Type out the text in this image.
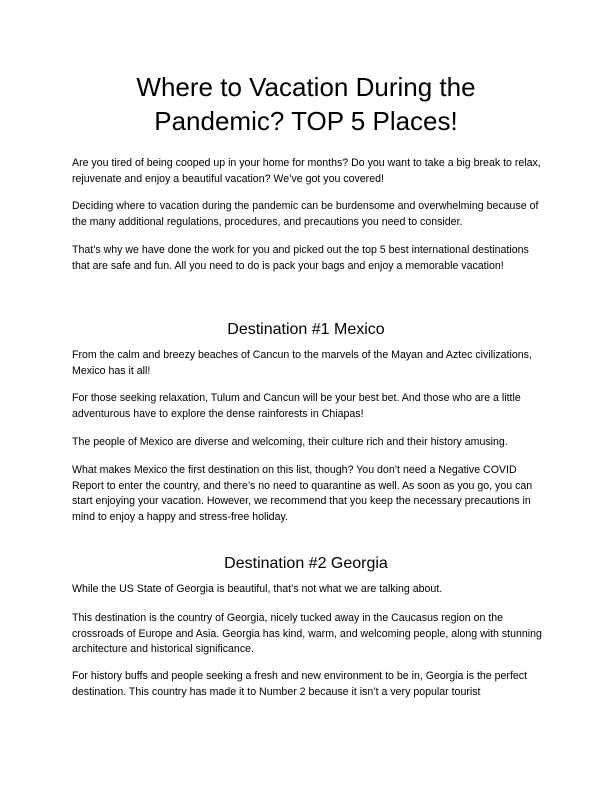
Where to Vacation During the
Pandemic? TOP 5 Places!

Are you tired of being cooped up in your home for months? Do you want to take a big break to relax, rejuvenate and enjoy a beautiful vacation? We’ve got you covered!

Deciding where to vacation during the pandemic can be burdensome and overwhelming because of the many additional regulations, procedures, and precautions you need to consider.

That’s why we have done the work for you and picked out the top 5 best international destinations that are safe and fun. All you need to do is pack your bags and enjoy a memorable vacation!

Destination #1 Mexico

From the calm and breezy beaches of Cancun to the marvels of the Mayan and Aztec civilizations, Mexico has it all!

For those seeking relaxation, Tulum and Cancun will be your best bet. And those who are a little adventurous have to explore the dense rainforests in Chiapas!

The people of Mexico are diverse and welcoming, their culture rich and their history amusing.

What makes Mexico the first destination on this list, though? You don’t need a Negative COVID Report to enter the country, and there’s no need to quarantine as well. As soon as you go, you can start enjoying your vacation. However, we recommend that you keep the necessary precautions in mind to enjoy a happy and stress-free holiday.

Destination #2 Georgia

While the US State of Georgia is beautiful, that’s not what we are talking about.

This destination is the country of Georgia, nicely tucked away in the Caucasus region on the crossroads of Europe and Asia. Georgia has kind, warm, and welcoming people, along with stunning architecture and historical significance.

For history buffs and people seeking a fresh and new environment to be in, Georgia is the perfect destination. This country has made it to Number 2 because it isn’t a very popular tourist
